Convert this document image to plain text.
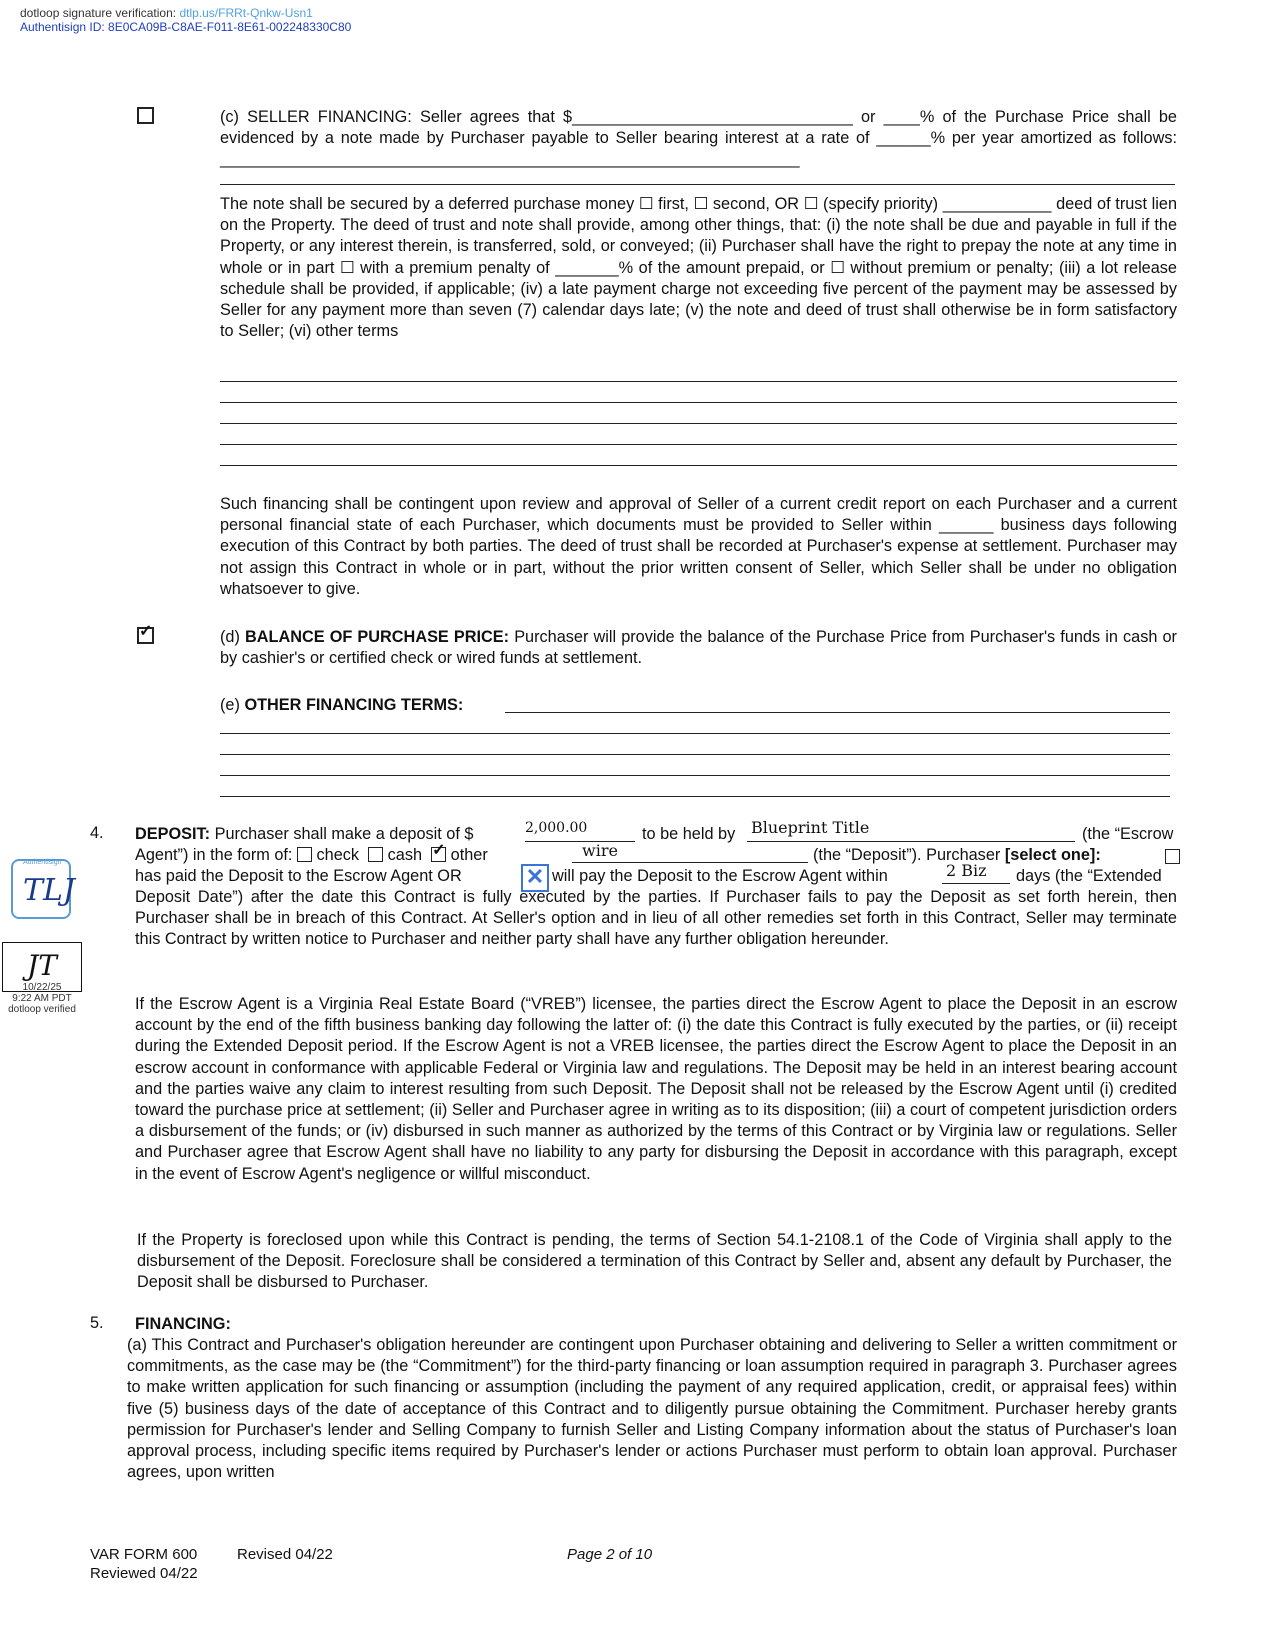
dotloop signature verification: dtlp.us/FRRt-Qnkw-Usn1
Authentisign ID: 8E0CA09B-C8AE-F011-8E61-002248330C80
(c) SELLER FINANCING: Seller agrees that $_______________________________ or ____% of the Purchase Price shall be evidenced by a note made by Purchaser payable to Seller bearing interest at a rate of ______% per year amortized as follows: ________________________________________________________________
The note shall be secured by a deferred purchase money ☐ first, ☐ second, OR ☐ (specify priority) ____________ deed of trust lien on the Property. The deed of trust and note shall provide, among other things, that: (i) the note shall be due and payable in full if the Property, or any interest therein, is transferred, sold, or conveyed; (ii) Purchaser shall have the right to prepay the note at any time in whole or in part ☐ with a premium penalty of _______% of the amount prepaid, or ☐ without premium or penalty; (iii) a lot release schedule shall be provided, if applicable; (iv) a late payment charge not exceeding five percent of the payment may be assessed by Seller for any payment more than seven (7) calendar days late; (v) the note and deed of trust shall otherwise be in form satisfactory to Seller; (vi) other terms
Such financing shall be contingent upon review and approval of Seller of a current credit report on each Purchaser and a current personal financial state of each Purchaser, which documents must be provided to Seller within ______ business days following execution of this Contract by both parties. The deed of trust shall be recorded at Purchaser's expense at settlement. Purchaser may not assign this Contract in whole or in part, without the prior written consent of Seller, which Seller shall be under no obligation whatsoever to give.
✓
(d) BALANCE OF PURCHASE PRICE: Purchaser will provide the balance of the Purchase Price from Purchaser's funds in cash or by cashier's or certified check or wired funds at settlement.
(e) OTHER FINANCING TERMS:
4. DEPOSIT: Purchaser shall make a deposit of $	2,000.00	to be held by Blueprint Title	(the “Escrow
Agent”) in the form of:  check cash  ✓ other	wire	(the “Deposit”). Purchaser [select one]:
has paid the Deposit to the Escrow Agent OR	✕ will pay the Deposit to the Escrow Agent within	2 Biz days (the “Extended
Deposit Date”) after the date this Contract is fully executed by the parties. If Purchaser fails to pay the Deposit as set forth herein, then Purchaser shall be in breach of this Contract. At Seller's option and in lieu of all other remedies set forth in this Contract, Seller may terminate this Contract by written notice to Purchaser and neither party shall have any further obligation hereunder.
If the Escrow Agent is a Virginia Real Estate Board (“VREB”) licensee, the parties direct the Escrow Agent to place the Deposit in an escrow account by the end of the fifth business banking day following the latter of: (i) the date this Contract is fully executed by the parties, or (ii) receipt during the Extended Deposit period. If the Escrow Agent is not a VREB licensee, the parties direct the Escrow Agent to place the Deposit in an escrow account in conformance with applicable Federal or Virginia law and regulations. The Deposit may be held in an interest bearing account and the parties waive any claim to interest resulting from such Deposit. The Deposit shall not be released by the Escrow Agent until (i) credited toward the purchase price at settlement; (ii) Seller and Purchaser agree in writing as to its disposition; (iii) a court of competent jurisdiction orders a disbursement of the funds; or (iv) disbursed in such manner as authorized by the terms of this Contract or by Virginia law or regulations. Seller and Purchaser agree that Escrow Agent shall have no liability to any party for disbursing the Deposit in accordance with this paragraph, except in the event of Escrow Agent's negligence or willful misconduct.
If the Property is foreclosed upon while this Contract is pending, the terms of Section 54.1-2108.1 of the Code of Virginia shall apply to the disbursement of the Deposit. Foreclosure shall be considered a termination of this Contract by Seller and, absent any default by Purchaser, the Deposit shall be disbursed to Purchaser.
5. FINANCING:
(a) This Contract and Purchaser's obligation hereunder are contingent upon Purchaser obtaining and delivering to Seller a written commitment or commitments, as the case may be (the “Commitment”) for the third-party financing or loan assumption required in paragraph 3. Purchaser agrees to make written application for such financing or assumption (including the payment of any required application, credit, or appraisal fees) within five (5) business days of the date of acceptance of this Contract and to diligently pursue obtaining the Commitment. Purchaser hereby grants permission for Purchaser's lender and Selling Company to furnish Seller and Listing Company information about the status of Purchaser's loan approval process, including specific items required by Purchaser's lender or actions Purchaser must perform to obtain loan approval. Purchaser agrees, upon written
Authentisign
TLJ
JT
10/22/25
9:22 AM PDT
dotloop verified
VAR FORM 600	Revised 04/22
Reviewed 04/22
Page 2 of 10
